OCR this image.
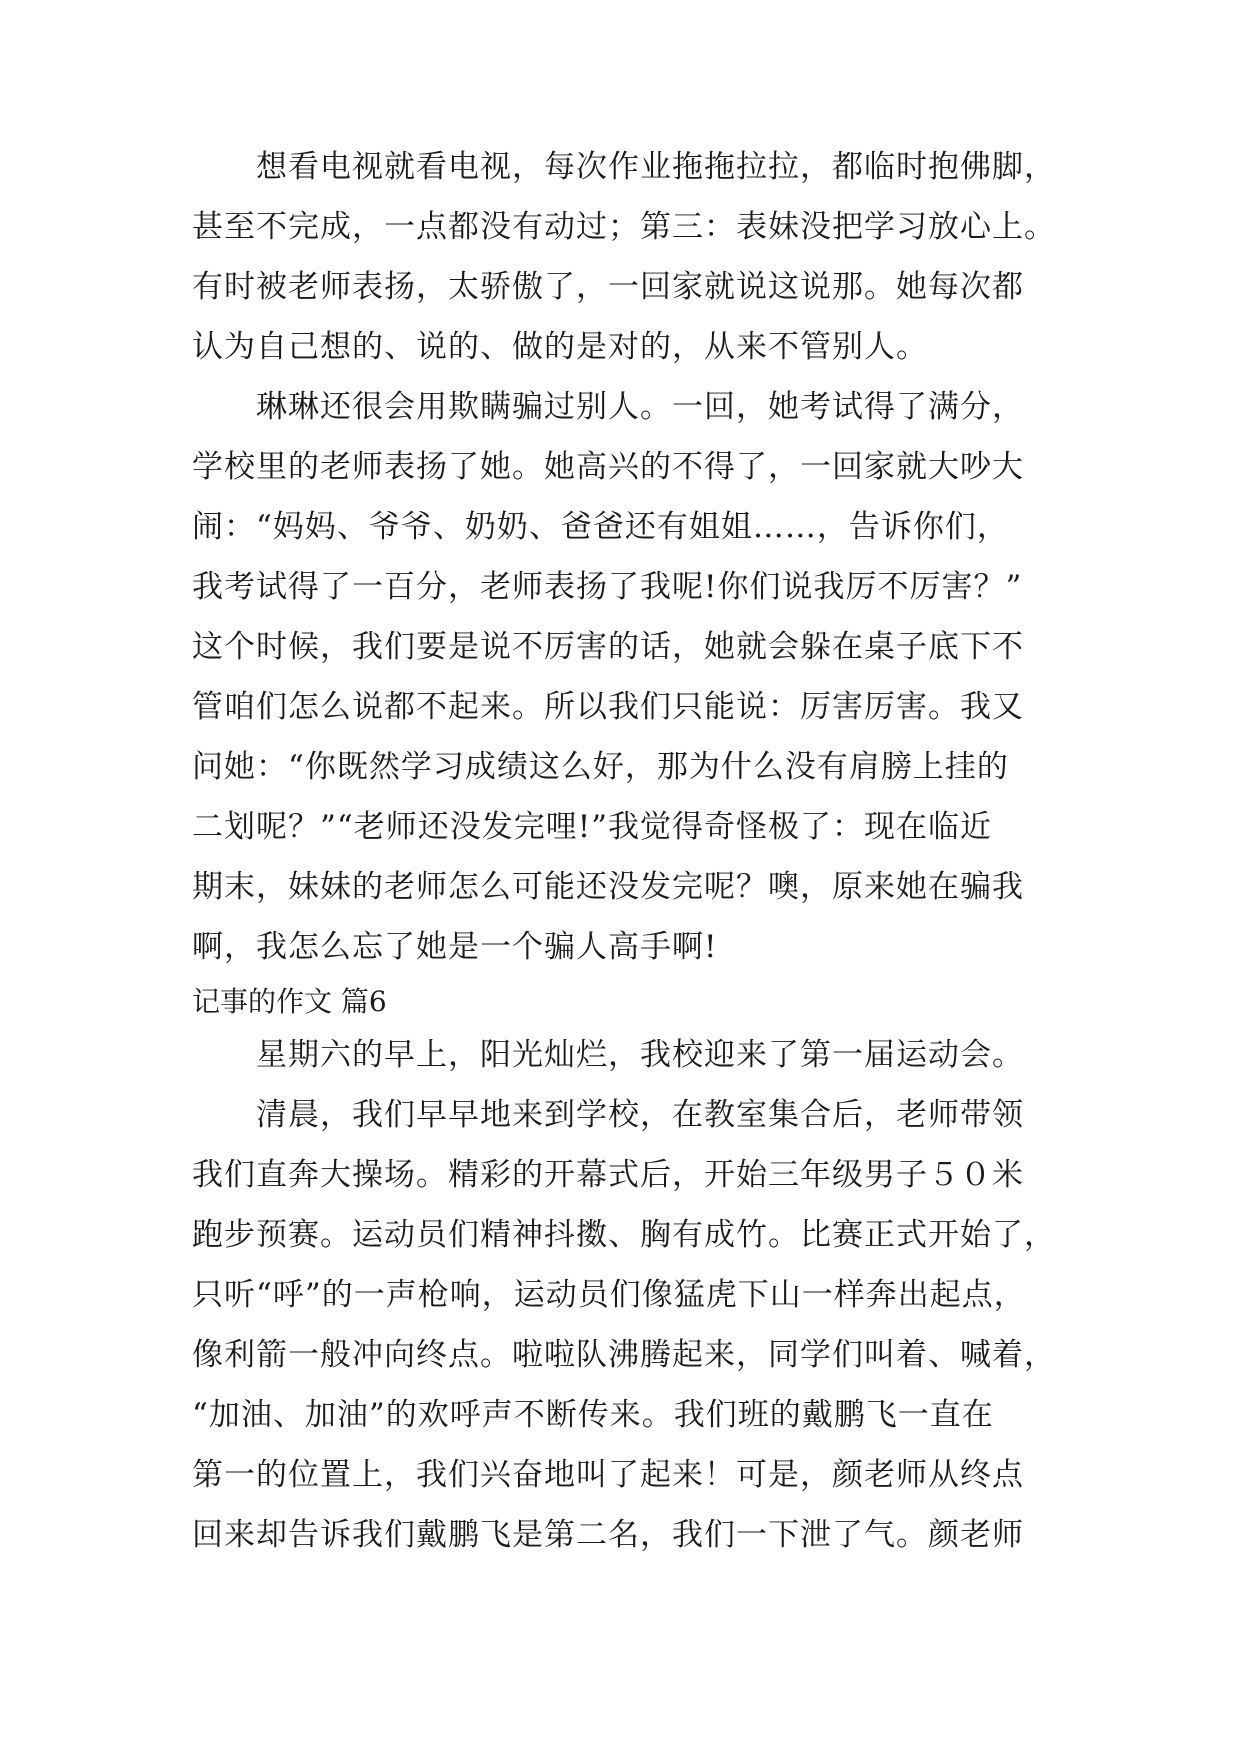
想看电视就看电视，每次作业拖拖拉拉，都临时抱佛脚，
甚至不完成，一点都没有动过；第三：表妹没把学习放心上。
有时被老师表扬，太骄傲了，一回家就说这说那。她每次都
认为自己想的、说的、做的是对的，从来不管别人。
琳琳还很会用欺瞒骗过别人。一回，她考试得了满分，
学校里的老师表扬了她。她高兴的不得了，一回家就大吵大
闹：“妈妈、爷爷、奶奶、爸爸还有姐姐……，告诉你们，
我考试得了一百分，老师表扬了我呢!你们说我厉不厉害？”
这个时候，我们要是说不厉害的话，她就会躲在桌子底下不
管咱们怎么说都不起来。所以我们只能说：厉害厉害。我又
问她：“你既然学习成绩这么好，那为什么没有肩膀上挂的
二划呢？”“老师还没发完哩!”我觉得奇怪极了：现在临近
期末，妹妹的老师怎么可能还没发完呢？噢，原来她在骗我
啊，我怎么忘了她是一个骗人高手啊!
记事的作文 篇6
星期六的早上，阳光灿烂，我校迎来了第一届运动会。
清晨，我们早早地来到学校，在教室集合后，老师带领
我们直奔大操场。精彩的开幕式后，开始三年级男子５０米
跑步预赛。运动员们精神抖擞、胸有成竹。比赛正式开始了，
只听“呼”的一声枪响，运动员们像猛虎下山一样奔出起点，
像利箭一般冲向终点。啦啦队沸腾起来，同学们叫着、喊着，
“加油、加油”的欢呼声不断传来。我们班的戴鹏飞一直在
第一的位置上，我们兴奋地叫了起来！可是，颜老师从终点
回来却告诉我们戴鹏飞是第二名，我们一下泄了气。颜老师
